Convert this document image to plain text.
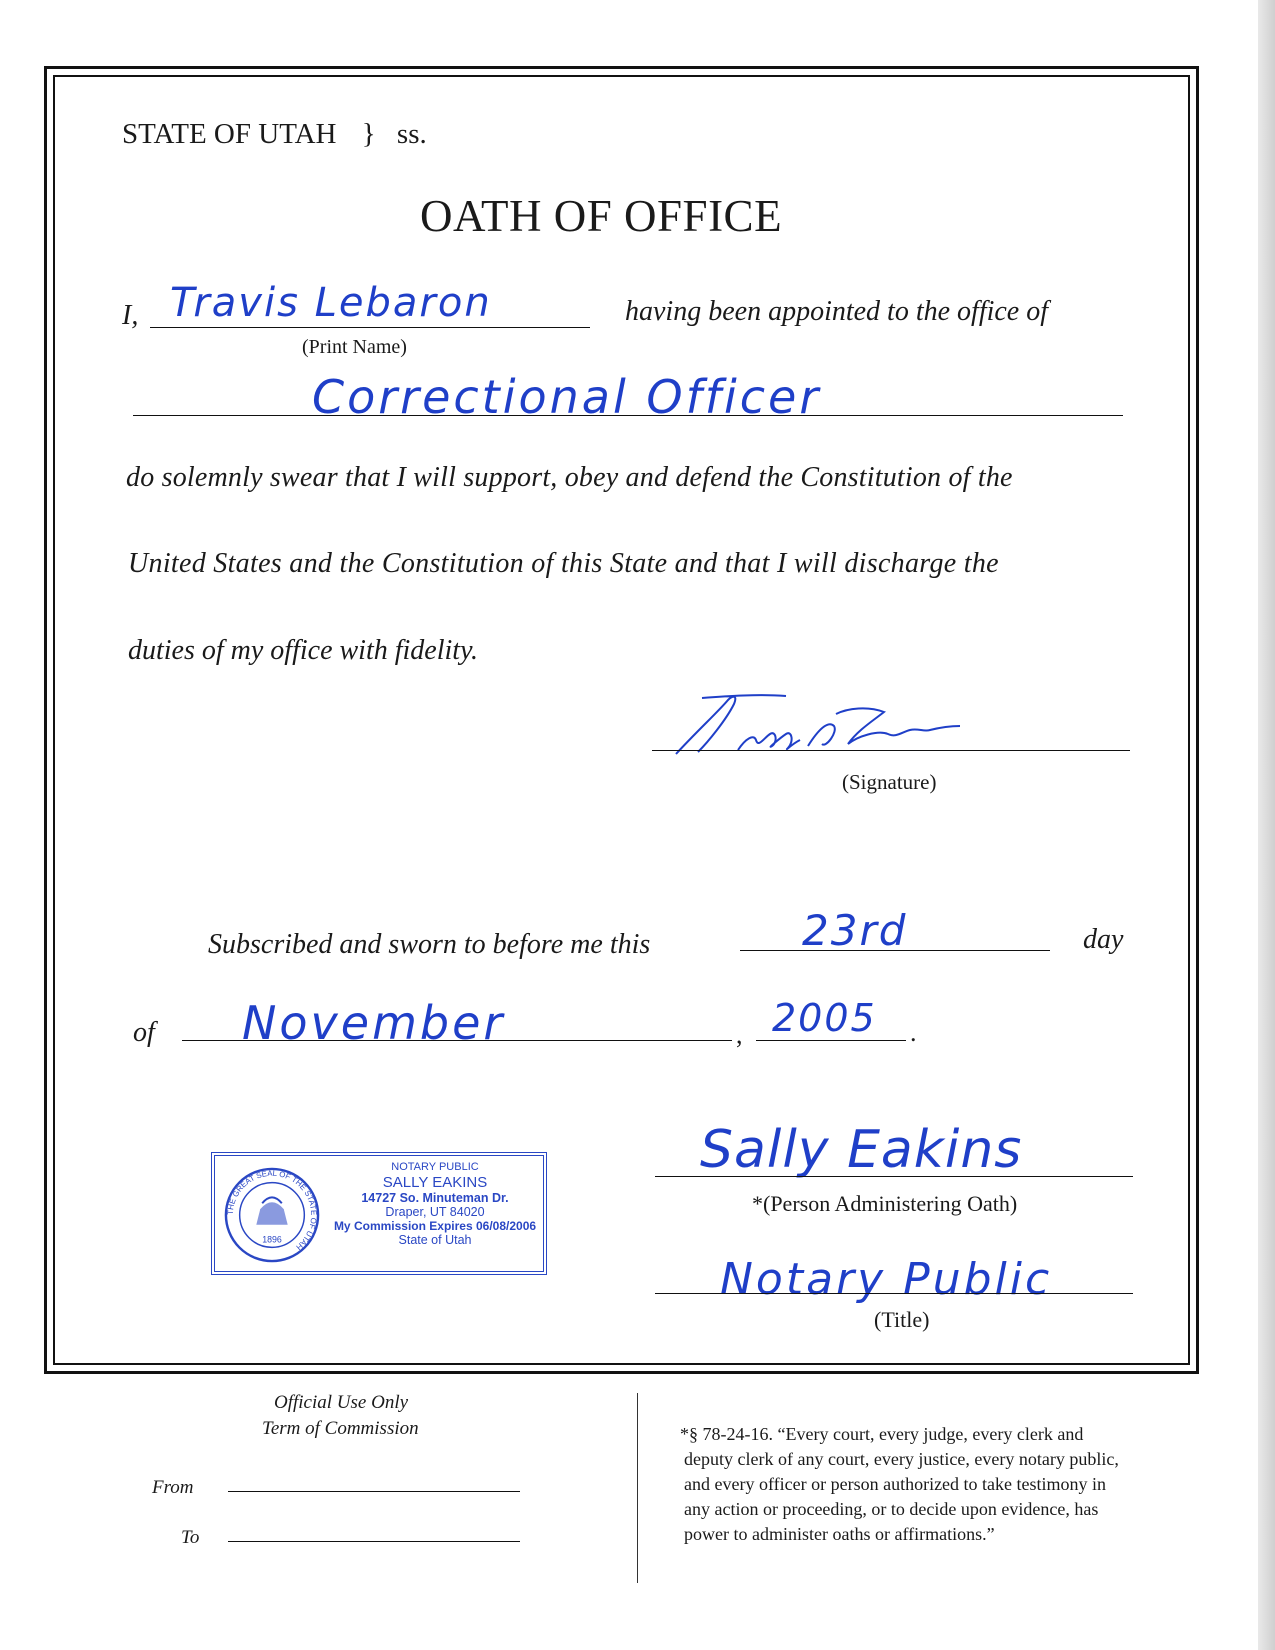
STATE OF UTAH } ss.
OATH OF OFFICE
I, Travis Lebaron
(Print Name)
having been appointed to the office of
Correctional Officer
do solemnly swear that I will support, obey and defend the Constitution of the
United States and the Constitution of this State and that I will discharge the
duties of my office with fidelity.
(Signature)
Subscribed and sworn to before me this	23rd	day
of November	, 2005 .
THE GREAT SEAL OF THE STATE OF UTAH
1896
NOTARY PUBLIC
SALLY EAKINS
14727 So. Minuteman Dr.
Draper, UT 84020
My Commission Expires 06/08/2006
State of Utah
Sally Eakins
*(Person Administering Oath)
Notary Public
(Title)
Official Use Only
Term of Commission
From
To
*§ 78-24-16. “Every court, every judge, every clerk and
deputy clerk of any court, every justice, every notary public,
and every officer or person authorized to take testimony in
any action or proceeding, or to decide upon evidence, has
power to administer oaths or affirmations.”
